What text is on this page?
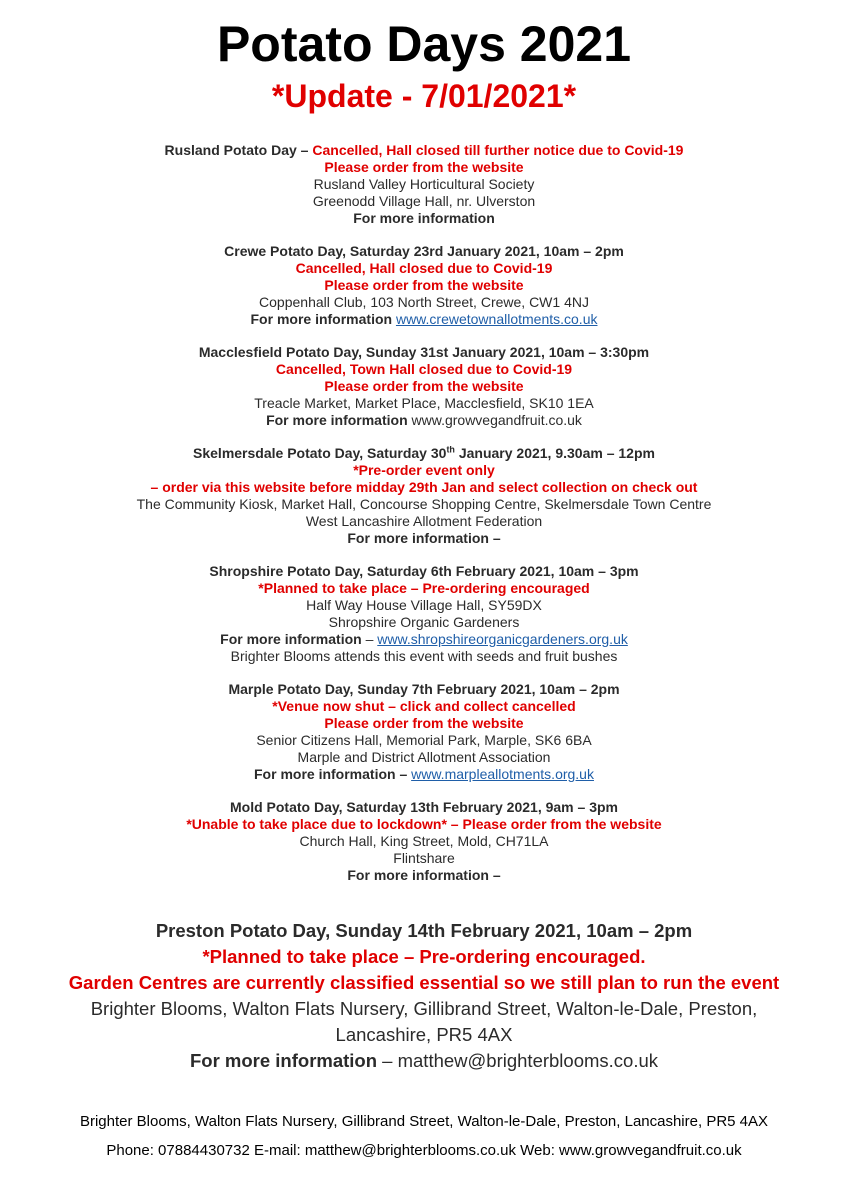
Potato Days 2021
*Update - 7/01/2021*
Rusland Potato Day – Cancelled, Hall closed till further notice due to Covid-19
Please order from the website
Rusland Valley Horticultural Society
Greenodd Village Hall, nr. Ulverston
For more information
Crewe Potato Day, Saturday 23rd January 2021, 10am – 2pm
Cancelled, Hall closed due to Covid-19
Please order from the website
Coppenhall Club, 103 North Street, Crewe, CW1 4NJ
For more information www.crewetownallotments.co.uk
Macclesfield Potato Day, Sunday 31st January 2021, 10am – 3:30pm
Cancelled, Town Hall closed due to Covid-19
Please order from the website
Treacle Market, Market Place, Macclesfield, SK10 1EA
For more information www.growvegandfruit.co.uk
Skelmersdale Potato Day, Saturday 30th January 2021, 9.30am – 12pm
*Pre-order event only
– order via this website before midday 29th Jan and select collection on check out
The Community Kiosk, Market Hall, Concourse Shopping Centre, Skelmersdale Town Centre
West Lancashire Allotment Federation
For more information –
Shropshire Potato Day, Saturday 6th February 2021, 10am – 3pm
*Planned to take place – Pre-ordering encouraged
Half Way House Village Hall, SY59DX
Shropshire Organic Gardeners
For more information – www.shropshireorganicgardeners.org.uk
Brighter Blooms attends this event with seeds and fruit bushes
Marple Potato Day, Sunday 7th February 2021, 10am – 2pm
*Venue now shut – click and collect cancelled
Please order from the website
Senior Citizens Hall, Memorial Park, Marple, SK6 6BA
Marple and District Allotment Association
For more information – www.marpleallotments.org.uk
Mold Potato Day, Saturday 13th February 2021, 9am – 3pm
*Unable to take place due to lockdown* – Please order from the website
Church Hall, King Street, Mold, CH71LA
Flintshare
For more information –
Preston Potato Day, Sunday 14th February 2021, 10am – 2pm
*Planned to take place – Pre-ordering encouraged.
Garden Centres are currently classified essential so we still plan to run the event
Brighter Blooms, Walton Flats Nursery, Gillibrand Street, Walton-le-Dale, Preston,
Lancashire, PR5 4AX
For more information – matthew@brighterblooms.co.uk
Brighter Blooms, Walton Flats Nursery, Gillibrand Street, Walton-le-Dale, Preston, Lancashire, PR5 4AX
Phone: 07884430732 E-mail: matthew@brighterblooms.co.uk Web: www.growvegandfruit.co.uk
